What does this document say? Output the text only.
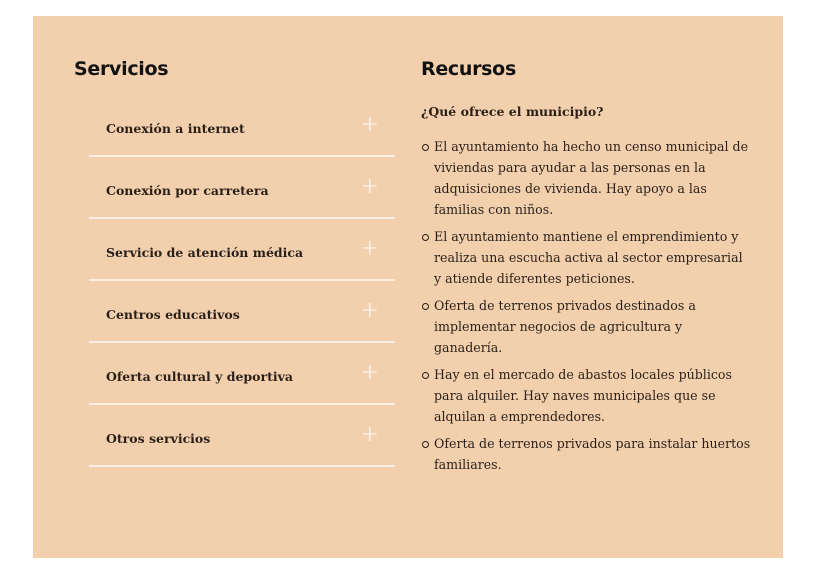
Servicios
Conexión a internet	+
Conexión por carretera	+
Servicio de atención médica	+
Centros educativos	+
Oferta cultural y deportiva	+
Otros servicios	+
Recursos
¿Qué ofrece el municipio?
El ayuntamiento ha hecho un censo municipal de viviendas para ayudar a las personas en la adquisiciones de vivienda. Hay apoyo a las familias con niños.
El ayuntamiento mantiene el emprendimiento y realiza una escucha activa al sector empresarial y atiende diferentes peticiones.
Oferta de terrenos privados destinados a implementar negocios de agricultura y ganadería.
Hay en el mercado de abastos locales públicos para alquiler. Hay naves municipales que se alquilan a emprendedores.
Oferta de terrenos privados para instalar huertos familiares.
